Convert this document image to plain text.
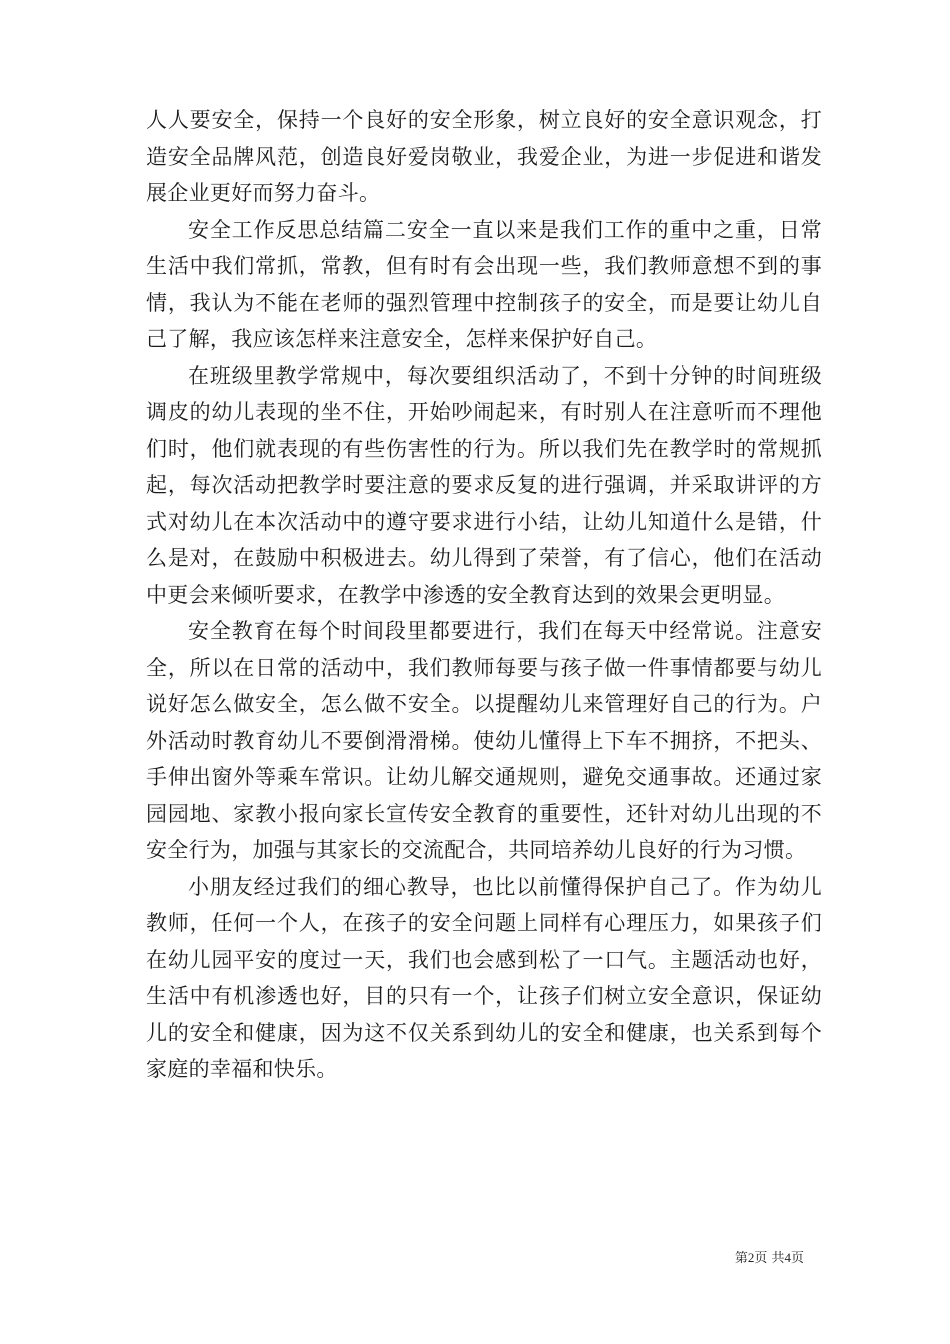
人人要安全，保持一个良好的安全形象，树立良好的安全意识观念，打造安全品牌风范，创造良好爱岗敬业，我爱企业，为进一步促进和谐发展企业更好而努力奋斗。

安全工作反思总结篇二安全一直以来是我们工作的重中之重，日常生活中我们常抓，常教，但有时有会出现一些，我们教师意想不到的事情，我认为不能在老师的强烈管理中控制孩子的安全，而是要让幼儿自己了解，我应该怎样来注意安全，怎样来保护好自己。

在班级里教学常规中，每次要组织活动了，不到十分钟的时间班级调皮的幼儿表现的坐不住，开始吵闹起来，有时别人在注意听而不理他们时，他们就表现的有些伤害性的行为。所以我们先在教学时的常规抓起，每次活动把教学时要注意的要求反复的进行强调，并采取讲评的方式对幼儿在本次活动中的遵守要求进行小结，让幼儿知道什么是错，什么是对，在鼓励中积极进去。幼儿得到了荣誉，有了信心，他们在活动中更会来倾听要求，在教学中渗透的安全教育达到的效果会更明显。

安全教育在每个时间段里都要进行，我们在每天中经常说。注意安全，所以在日常的活动中，我们教师每要与孩子做一件事情都要与幼儿说好怎么做安全，怎么做不安全。以提醒幼儿来管理好自己的行为。户外活动时教育幼儿不要倒滑滑梯。使幼儿懂得上下车不拥挤，不把头、手伸出窗外等乘车常识。让幼儿解交通规则，避免交通事故。还通过家园园地、家教小报向家长宣传安全教育的重要性，还针对幼儿出现的不安全行为，加强与其家长的交流配合，共同培养幼儿良好的行为习惯。

小朋友经过我们的细心教导，也比以前懂得保护自己了。作为幼儿教师，任何一个人，在孩子的安全问题上同样有心理压力，如果孩子们在幼儿园平安的度过一天，我们也会感到松了一口气。主题活动也好，生活中有机渗透也好，目的只有一个，让孩子们树立安全意识，保证幼儿的安全和健康，因为这不仅关系到幼儿的安全和健康，也关系到每个家庭的幸福和快乐。

第2页 共4页
